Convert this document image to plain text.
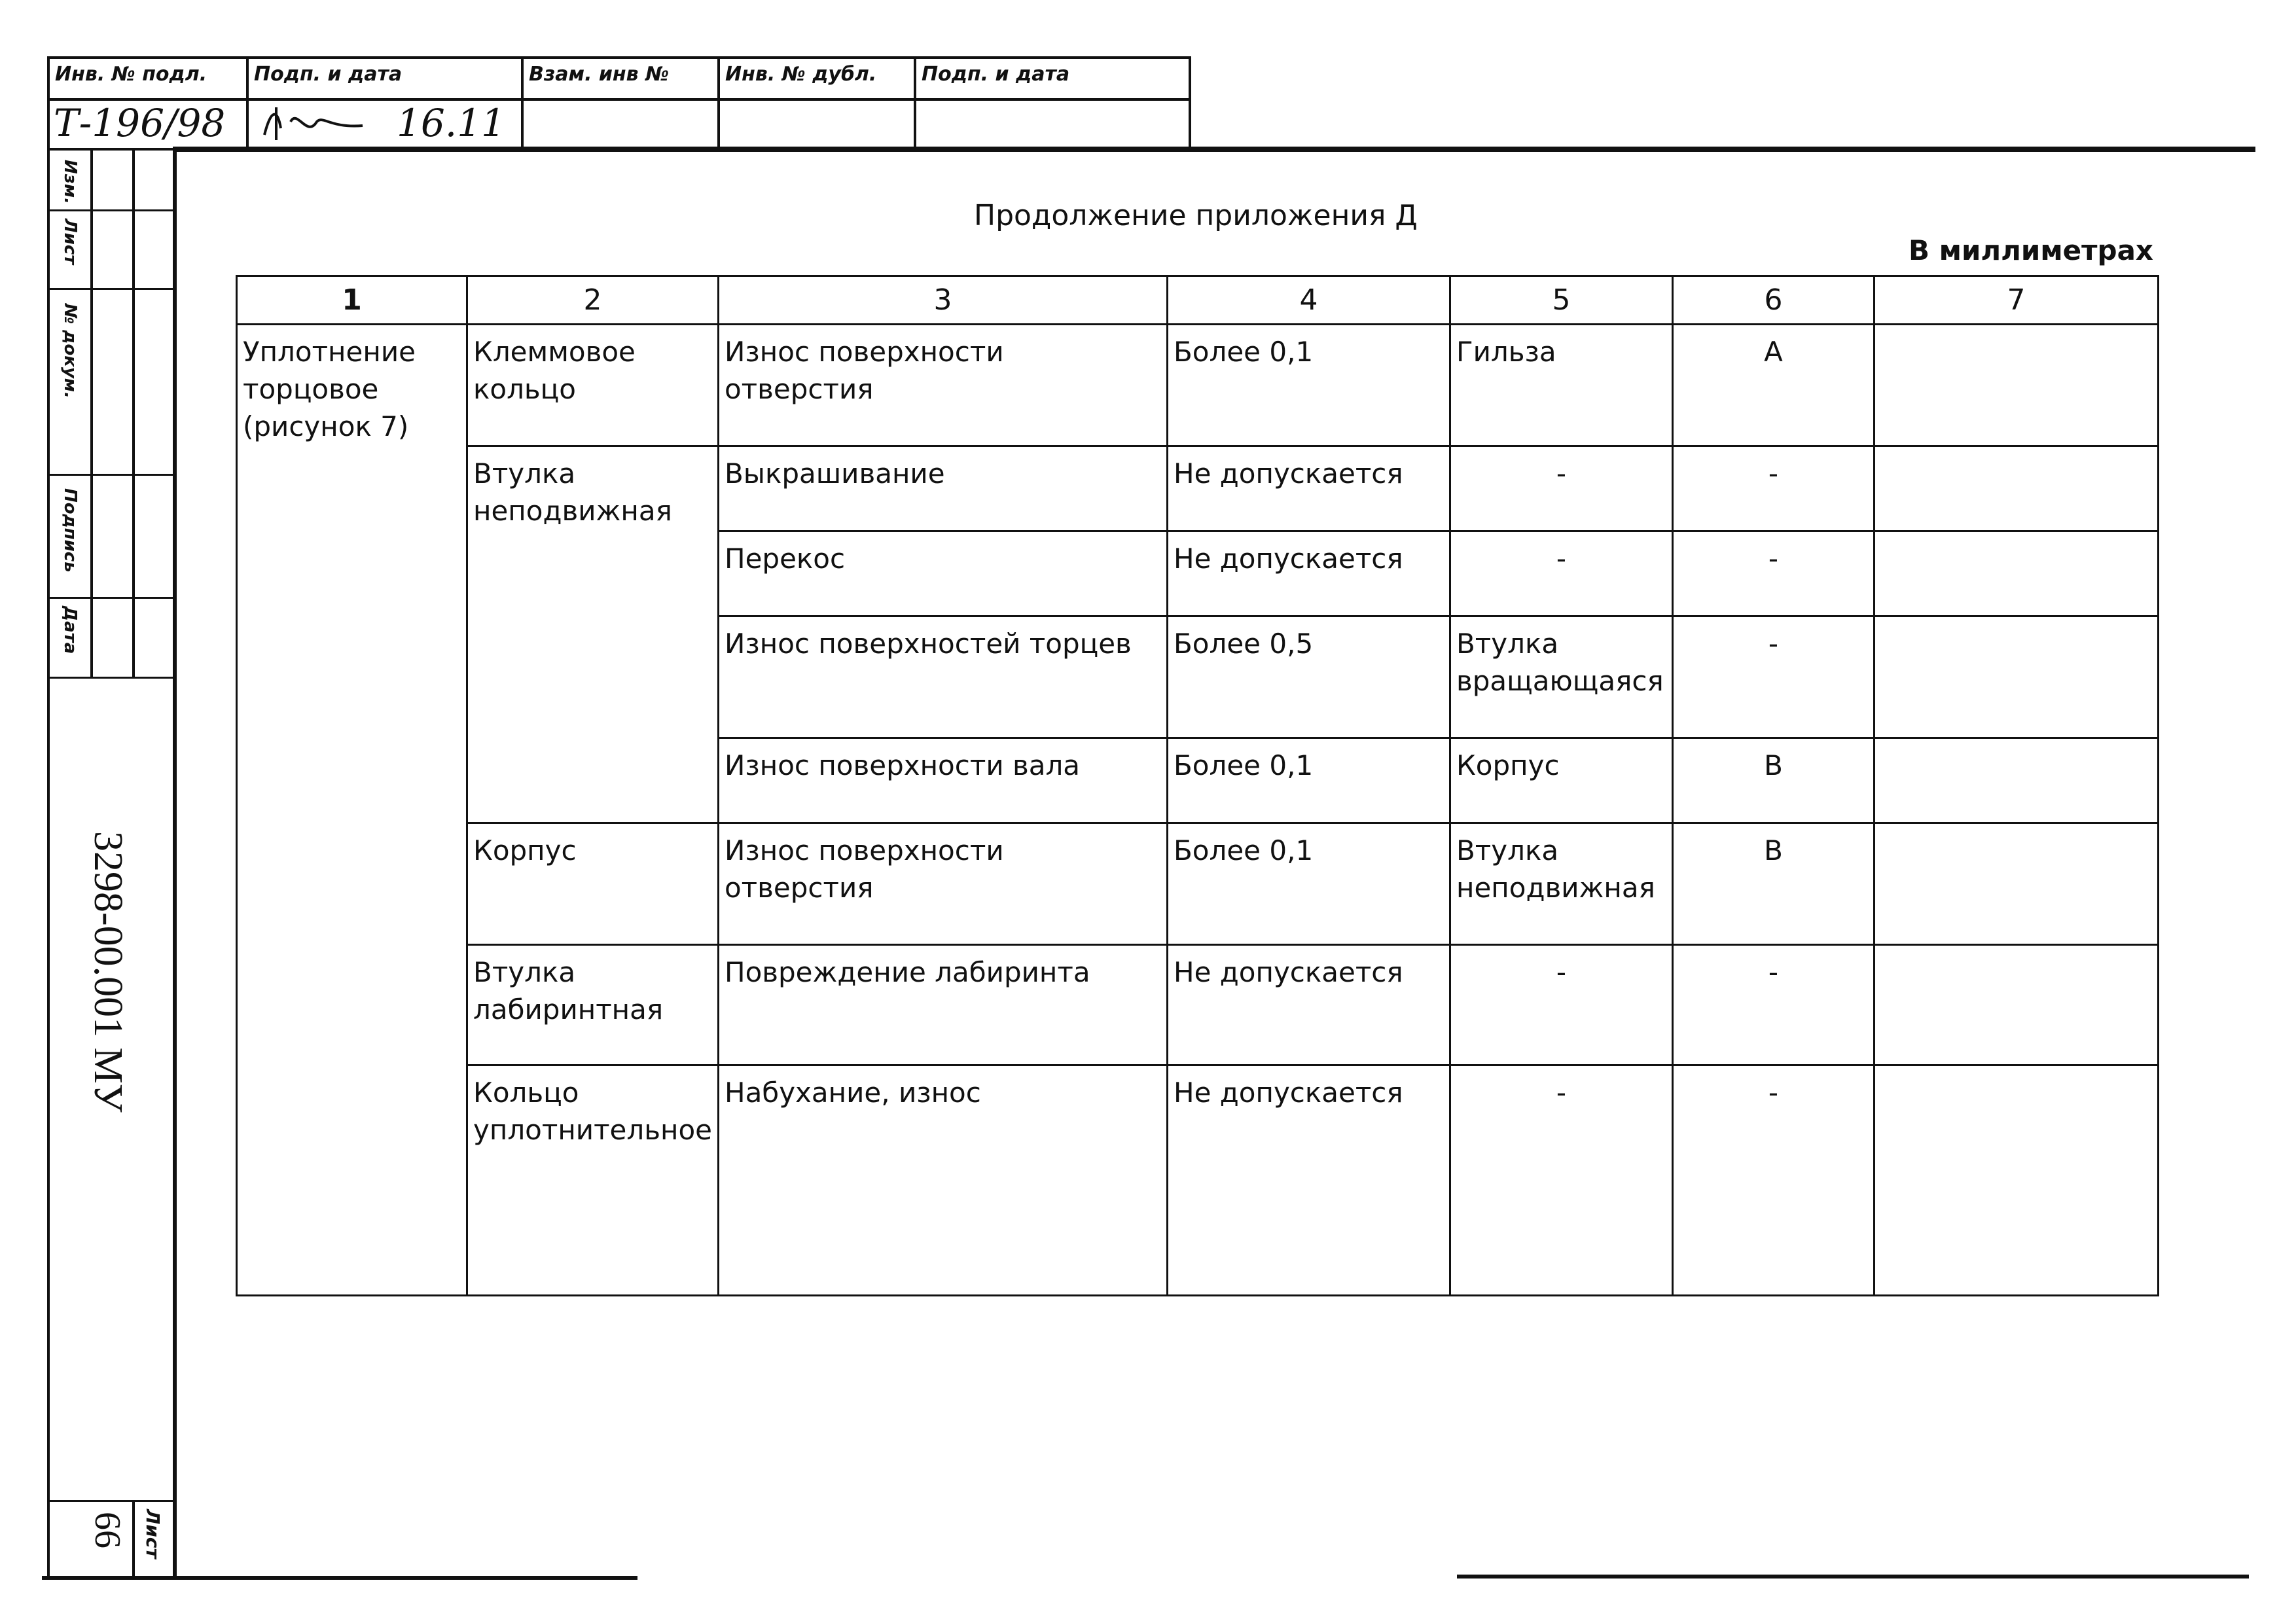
Инв. № подл.
Т-196/98
Подп. и дата
16.11
Взам. инв №	Инв. № дубл.	Подп. и дата
Изм.
Лист
№ докум.
Подпись
Дата
3298-00.001 МУ
Лист
66
Продолжение приложения Д
В миллиметрах
1	2	3	4	5	6	7
Уплотнение торцовое (рисунок 7)	Клеммовое кольцо	Износ поверхности отверстия	Более 0,1	Гильза	А	
	Втулка неподвижная	Выкрашивание	Не допускается	-	-	
		Перекос	Не допускается	-	-	
		Износ поверхностей торцев	Более 0,5	Втулка вращающаяся	-	
		Износ поверхности вала	Более 0,1	Корпус	В	
	Корпус	Износ поверхности отверстия	Более 0,1	Втулка неподвижная	В	
	Втулка лабиринтная	Повреждение лабиринта	Не допускается	-	-	
	Кольцо уплотнительное	Набухание, износ	Не допускается	-	-	
